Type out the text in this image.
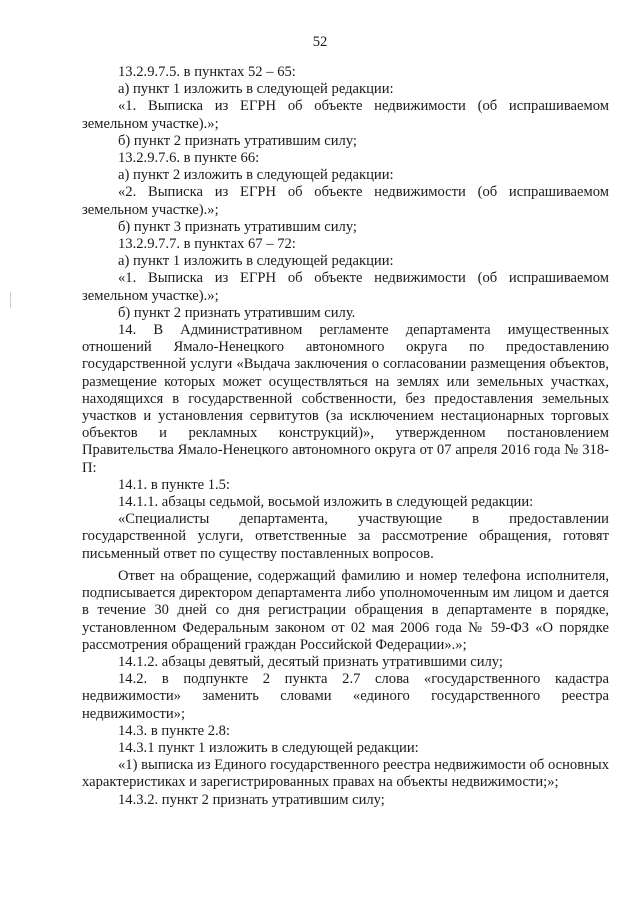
52

13.2.9.7.5. в пунктах 52 – 65:

а) пункт 1 изложить в следующей редакции:

«1. Выписка из ЕГРН об объекте недвижимости (об испрашиваемом земельном участке).»;

б) пункт 2 признать утратившим силу;

13.2.9.7.6. в пункте 66:

а) пункт 2 изложить в следующей редакции:

«2. Выписка из ЕГРН об объекте недвижимости (об испрашиваемом земельном участке).»;

б) пункт 3 признать утратившим силу;

13.2.9.7.7. в пунктах 67 – 72:

а) пункт 1 изложить в следующей редакции:

«1. Выписка из ЕГРН об объекте недвижимости (об испрашиваемом земельном участке).»;

б) пункт 2 признать утратившим силу.

14. В Административном регламенте департамента имущественных отношений Ямало-Ненецкого автономного округа по предоставлению государственной услуги «Выдача заключения о согласовании размещения объектов, размещение которых может осуществляться на землях или земельных участках, находящихся в государственной собственности, без предоставления земельных участков и установления сервитутов (за исключением нестационарных торговых объектов и рекламных конструкций)», утвержденном постановлением Правительства Ямало-Ненецкого автономного округа от 07 апреля 2016 года № 318-П:

14.1. в пункте 1.5:

14.1.1. абзацы седьмой, восьмой изложить в следующей редакции:

«Специалисты департамента, участвующие в предоставлении государственной услуги, ответственные за рассмотрение обращения, готовят письменный ответ по существу поставленных вопросов.

Ответ на обращение, содержащий фамилию и номер телефона исполнителя, подписывается директором департамента либо уполномоченным им лицом и дается в течение 30 дней со дня регистрации обращения в департаменте в порядке, установленном Федеральным законом от 02 мая 2006 года № 59-ФЗ «О порядке рассмотрения обращений граждан Российской Федерации».»;

14.1.2. абзацы девятый, десятый признать утратившими силу;

14.2. в подпункте 2 пункта 2.7 слова «государственного кадастра недвижимости» заменить словами «единого государственного реестра недвижимости»;

14.3. в пункте 2.8:

14.3.1 пункт 1 изложить в следующей редакции:

«1) выписка из Единого государственного реестра недвижимости об основных характеристиках и зарегистрированных правах на объекты недвижимости;»;

14.3.2. пункт 2 признать утратившим силу;
